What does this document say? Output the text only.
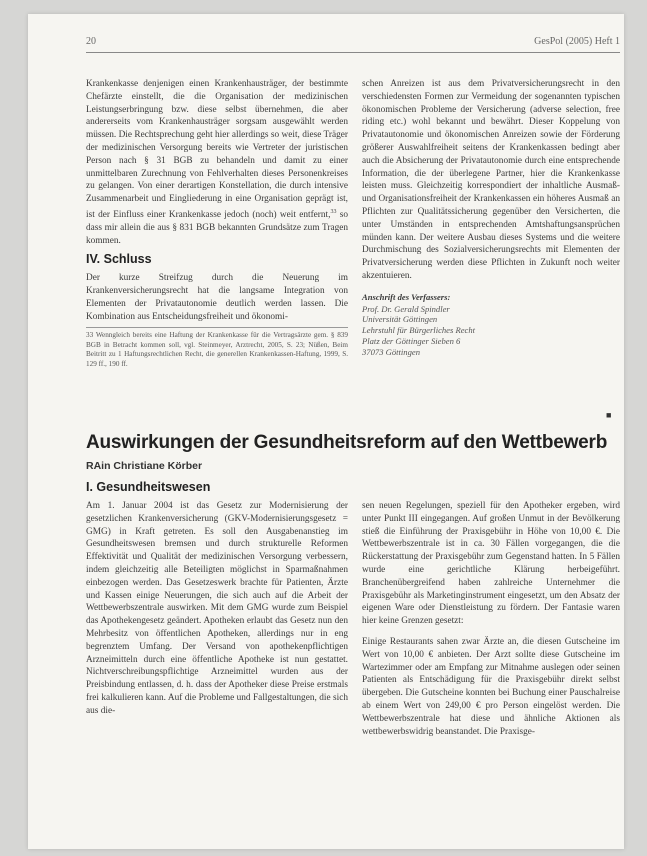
20	GesPol (2005) Heft 1

Krankenkasse denjenigen einen Krankenhausträger, der bestimmte Chefärzte einstellt, die die Organisation der medizinischen Leistungserbringung bzw. diese selbst übernehmen, die aber andererseits vom Krankenhausträger sorgsam ausgewählt werden müssen. Die Rechtsprechung geht hier allerdings so weit, diese Träger der medizinischen Versorgung bereits wie Vertreter der juristischen Person nach § 31 BGB zu behandeln und damit zu einer unmittelbaren Zurechnung von Fehlverhalten dieses Personenkreises zu gelangen. Von einer derartigen Konstellation, die durch intensive Zusammenarbeit und Eingliederung in eine Organisation geprägt ist, ist der Einfluss einer Krankenkasse jedoch (noch) weit entfernt,$^{33}$ so dass mir allein die aus § 831 BGB bekannten Grundsätze zum Tragen kommen.

IV. Schluss

Der kurze Streifzug durch die Neuerung im Krankenversicherungsrecht hat die langsame Integration von Elementen der Privatautonomie deutlich werden lassen. Die Kombination aus Entscheidungsfreiheit und ökonomi-

33 Wenngleich bereits eine Haftung der Krankenkasse für die Vertragsärzte gem. § 839 BGB in Betracht kommen soll, vgl. Steinmeyer, Arztrecht, 2005, S. 23; Nüßen, Beim Beitritt zu 1 Haftungsrechtlichen Recht, die generellen Krankenkassen-Haftung, 1999, S. 129 ff., 190 ff.

schen Anreizen ist aus dem Privatversicherungsrecht in den verschiedensten Formen zur Vermeidung der sogenannten typischen ökonomischen Probleme der Versicherung (adverse selection, free riding etc.) wohl bekannt und bewährt. Dieser Koppelung von Privatautonomie und ökonomischen Anreizen sowie der Förderung größerer Auswahlfreiheit seitens der Krankenkassen bedingt aber auch die Absicherung der Privatautonomie durch eine entsprechende Information, die der überlegene Partner, hier die Krankenkasse leisten muss. Gleichzeitig korrespondiert der inhaltliche Ausmaß- und Organisationsfreiheit der Krankenkassen ein höheres Ausmaß an Pflichten zur Qualitätssicherung gegenüber den Versicherten, die unter Umständen in entsprechenden Amtshaftungsansprüchen münden kann. Der weitere Ausbau dieses Systems und die weitere Durchmischung des Sozialversicherungsrechts mit Elementen der Privatversicherung werden diese Pflichten in Zukunft noch weiter akzentuieren.

Anschrift des Verfassers:
Prof. Dr. Gerald Spindler
Universität Göttingen
Lehrstuhl für Bürgerliches Recht
Platz der Göttinger Sieben 6
37073 Göttingen
■
Auswirkungen der Gesundheitsreform auf den Wettbewerb
RAin Christiane Körber
I. Gesundheitswesen

Am 1. Januar 2004 ist das Gesetz zur Modernisierung der gesetzlichen Krankenversicherung (GKV-Modernisierungsgesetz = GMG) in Kraft getreten. Es soll den Ausgabenanstieg im Gesundheitswesen bremsen und durch strukturelle Reformen Effektivität und Qualität der medizinischen Versorgung verbessern, indem gleichzeitig alle Beteiligten möglichst in Sparmaßnahmen einbezogen werden. Das Gesetzeswerk brachte für Patienten, Ärzte und Kassen einige Neuerungen, die sich auch auf die Arbeit der Wettbewerbszentrale auswirken. Mit dem GMG wurde zum Beispiel das Apothekengesetz geändert. Apotheken erlaubt das Gesetz nun den Mehrbesitz von öffentlichen Apotheken, allerdings nur in eng begrenztem Umfang. Der Versand von apothekenpflichtigen Arzneimitteln durch eine öffentliche Apotheke ist nun gestattet. Nichtverschreibungspflichtige Arzneimittel wurden aus der Preisbindung entlassen, d. h. dass der Apotheker diese Preise erstmals frei kalkulieren kann. Auf die Probleme und Fallgestaltungen, die sich aus die-

sen neuen Regelungen, speziell für den Apotheker ergeben, wird unter Punkt III eingegangen. Auf großen Unmut in der Bevölkerung stieß die Einführung der Praxisgebühr in Höhe von 10,00 €. Die Wettbewerbszentrale ist in ca. 30 Fällen vorgegangen, die die Rückerstattung der Praxisgebühr zum Gegenstand hatten. In 5 Fällen wurde eine gerichtliche Klärung herbeigeführt. Branchenübergreifend haben zahlreiche Unternehmer die Praxisgebühr als Marketinginstrument eingesetzt, um den Absatz der eigenen Ware oder Dienstleistung zu fördern. Der Fantasie waren hier keine Grenzen gesetzt:

Einige Restaurants sahen zwar Ärzte an, die diesen Gutscheine im Wert von 10,00 € anbieten. Der Arzt sollte diese Gutscheine im Wartezimmer oder am Empfang zur Mitnahme auslegen oder seinen Patienten als Entschädigung für die Praxisgebühr direkt selbst übergeben. Die Gutscheine konnten bei Buchung einer Pauschalreise ab einem Wert von 249,00 € pro Person eingelöst werden. Die Wettbewerbszentrale hat diese und ähnliche Aktionen als wettbewerbswidrig beanstandet. Die Praxisge-
